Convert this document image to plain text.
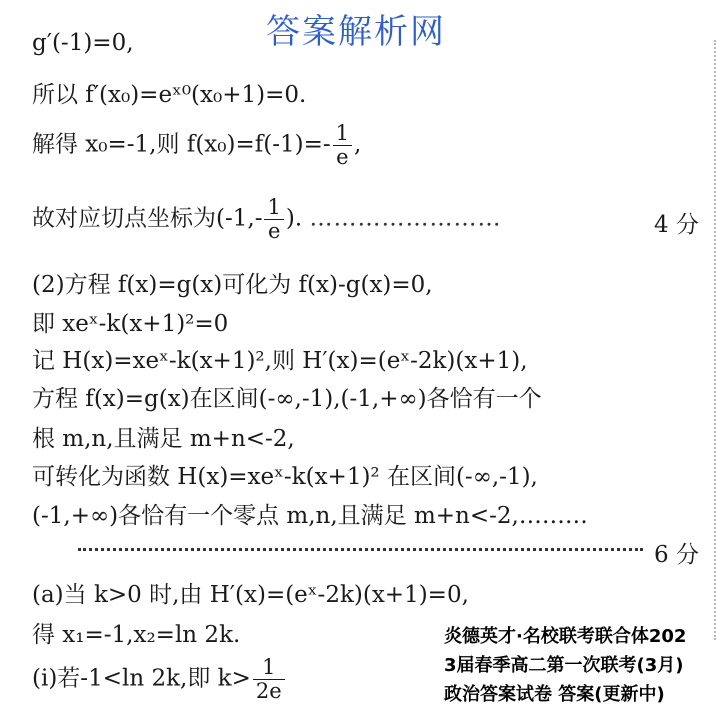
答案解析网
g′(-1)=0,
所以 f′(x₀)=eˣ⁰(x₀+1)=0.
解得 x₀=-1,则 $f(x_0)=f(-1)=- \frac{1}{e}$ ,
故对应切点坐标为($-1,- \frac{1}{e}$ ). ……………………	4 分
(2)方程 f(x)=g(x)可化为 f(x)-g(x)=0,
即 xeˣ-k(x+1)²=0
记 H(x)=xeˣ-k(x+1)²,则 H′(x)=(eˣ-2k)(x+1),
方程 f(x)=g(x)在区间(-∞,-1),(-1,+∞)各恰有一个
根 m,n,且满足 m+n<-2,
可转化为函数 H(x)=xeˣ-k(x+1)² 在区间(-∞,-1),
(-1,+∞)各恰有一个零点 m,n,且满足 m+n<-2,………
6 分
(a)当 k>0 时,由 H′(x)=(eˣ-2k)(x+1)=0,
得 x₁=-1,x₂=ln 2k.
(ⅰ)若-1<ln 2k,即 $k> \frac{1}{2e}$
炎德英才·名校联考联合体202
3届春季高二第一次联考(3月)
政治答案试卷 答案(更新中)
